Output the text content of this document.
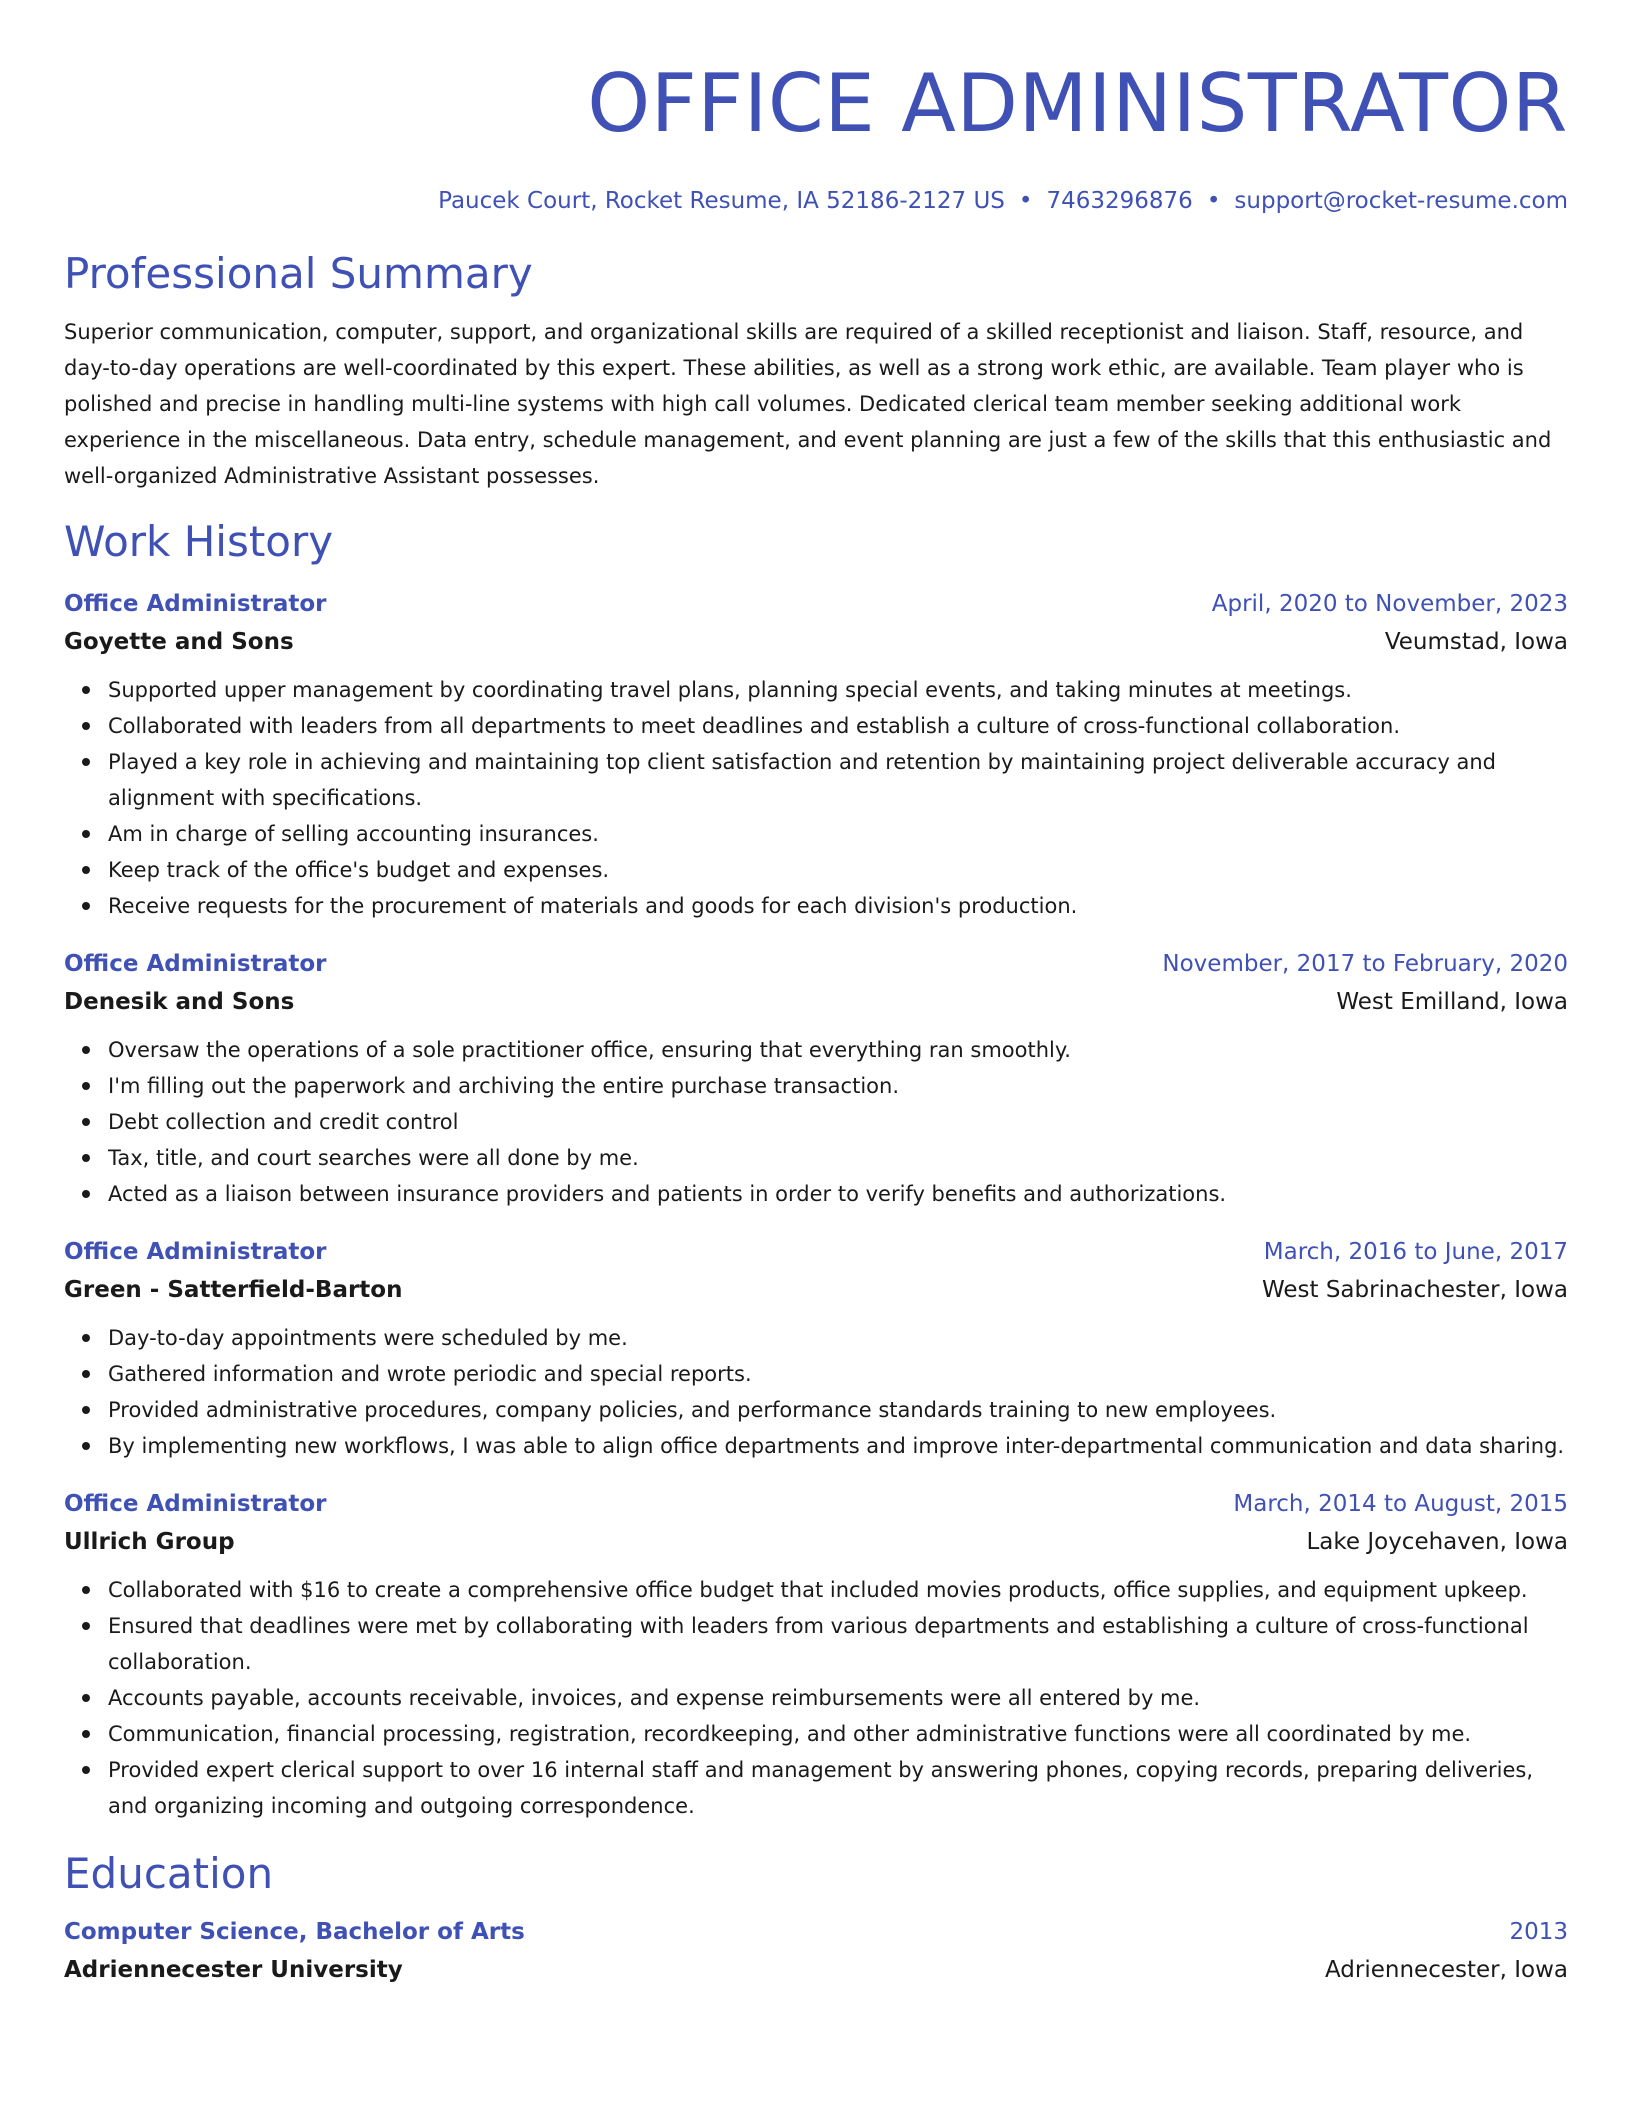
OFFICE ADMINISTRATOR
Paucek Court, Rocket Resume, IA 52186-2127 US • 7463296876 • support@rocket-resume.com
Professional Summary
Superior communication, computer, support, and organizational skills are required of a skilled receptionist and liaison. Staff, resource, and day-to-day operations are well-coordinated by this expert. These abilities, as well as a strong work ethic, are available. Team player who is polished and precise in handling multi-line systems with high call volumes. Dedicated clerical team member seeking additional work experience in the miscellaneous. Data entry, schedule management, and event planning are just a few of the skills that this enthusiastic and well-organized Administrative Assistant possesses.
Work History
Office Administrator	April, 2020 to November, 2023
Goyette and Sons	Veumstad, Iowa
Supported upper management by coordinating travel plans, planning special events, and taking minutes at meetings.
Collaborated with leaders from all departments to meet deadlines and establish a culture of cross-functional collaboration.
Played a key role in achieving and maintaining top client satisfaction and retention by maintaining project deliverable accuracy and alignment with specifications.
Am in charge of selling accounting insurances.
Keep track of the office's budget and expenses.
Receive requests for the procurement of materials and goods for each division's production.
Office Administrator	November, 2017 to February, 2020
Denesik and Sons	West Emilland, Iowa
Oversaw the operations of a sole practitioner office, ensuring that everything ran smoothly.
I'm filling out the paperwork and archiving the entire purchase transaction.
Debt collection and credit control
Tax, title, and court searches were all done by me.
Acted as a liaison between insurance providers and patients in order to verify benefits and authorizations.
Office Administrator	March, 2016 to June, 2017
Green - Satterfield-Barton	West Sabrinachester, Iowa
Day-to-day appointments were scheduled by me.
Gathered information and wrote periodic and special reports.
Provided administrative procedures, company policies, and performance standards training to new employees.
By implementing new workflows, I was able to align office departments and improve inter-departmental communication and data sharing.
Office Administrator	March, 2014 to August, 2015
Ullrich Group	Lake Joycehaven, Iowa
Collaborated with $16 to create a comprehensive office budget that included movies products, office supplies, and equipment upkeep.
Ensured that deadlines were met by collaborating with leaders from various departments and establishing a culture of cross-functional collaboration.
Accounts payable, accounts receivable, invoices, and expense reimbursements were all entered by me.
Communication, financial processing, registration, recordkeeping, and other administrative functions were all coordinated by me.
Provided expert clerical support to over 16 internal staff and management by answering phones, copying records, preparing deliveries, and organizing incoming and outgoing correspondence.
Education
Computer Science, Bachelor of Arts	2013
Adriennecester University	Adriennecester, Iowa
